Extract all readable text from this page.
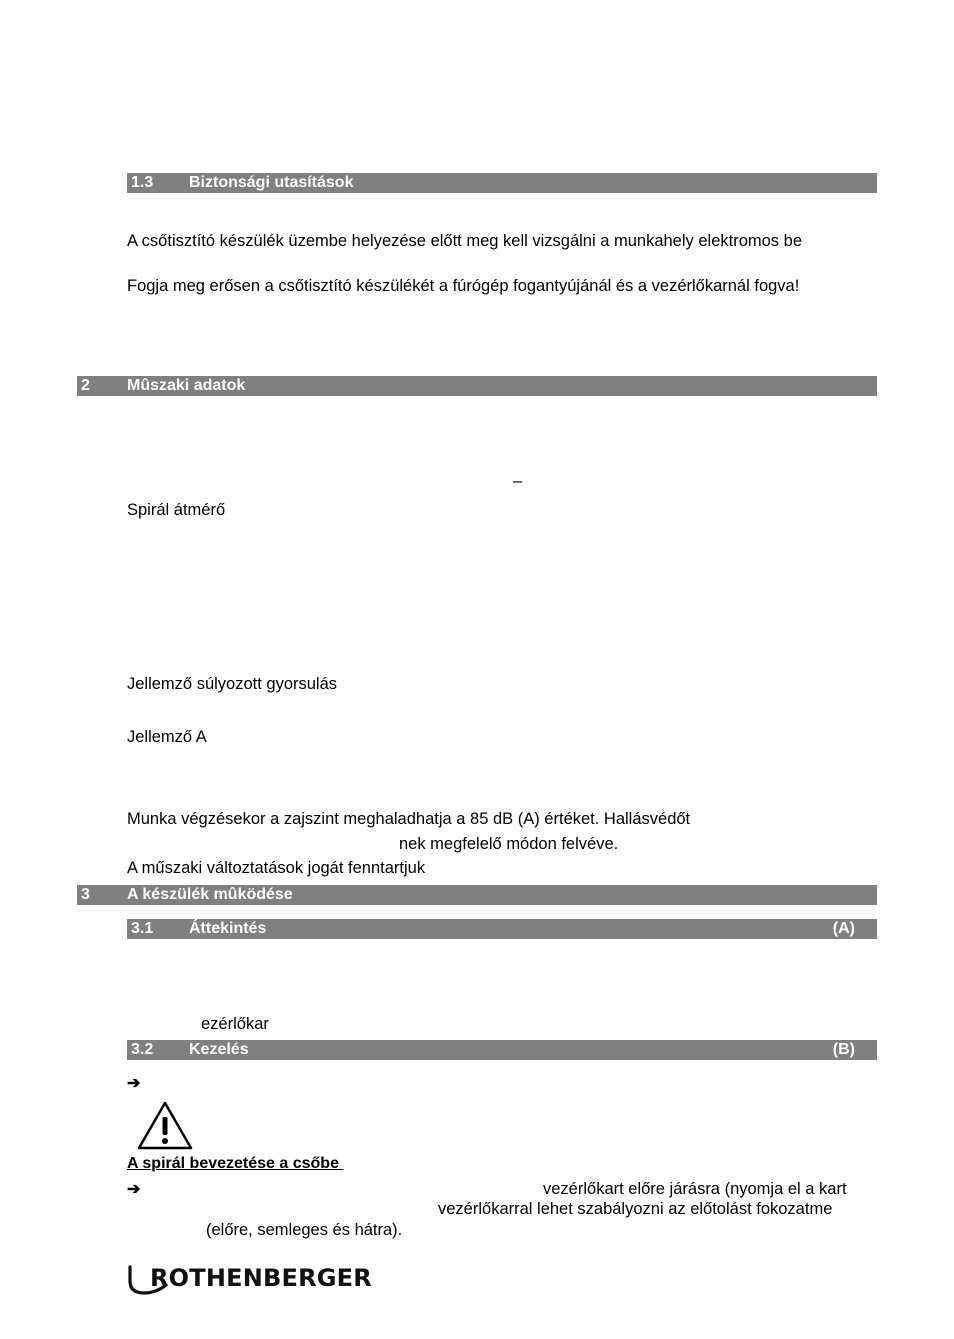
1.3 Biztonsági utasítások
A csőtisztító készülék üzembe helyezése előtt meg kell vizsgálni a munkahely elektromos be
Fogja meg erősen a csőtisztító készülékét a fúrógép fogantyújánál és a vezérlőkarnál fogva!
2 Mûszaki adatok
–
Spirál átmérő
Jellemző súlyozott gyorsulás
Jellemző A
Munka végzésekor a zajszint meghaladhatja a 85 dB (A) értéket. Hallásvédőt
nek megfelelő módon felvéve.
A műszaki változtatások jogát fenntartjuk
3 A készülék mûködése
3.1 Áttekintés	(A)
ezérlőkar
3.2 Kezelés	(B)
➔
A spirál bevezetése a csőbe
➔	vezérlőkart előre járásra (nyomja el a kart
vezérlőkarral lehet szabályozni az előtolást fokozatme
(előre, semleges és hátra).
ROTHENBERGER
